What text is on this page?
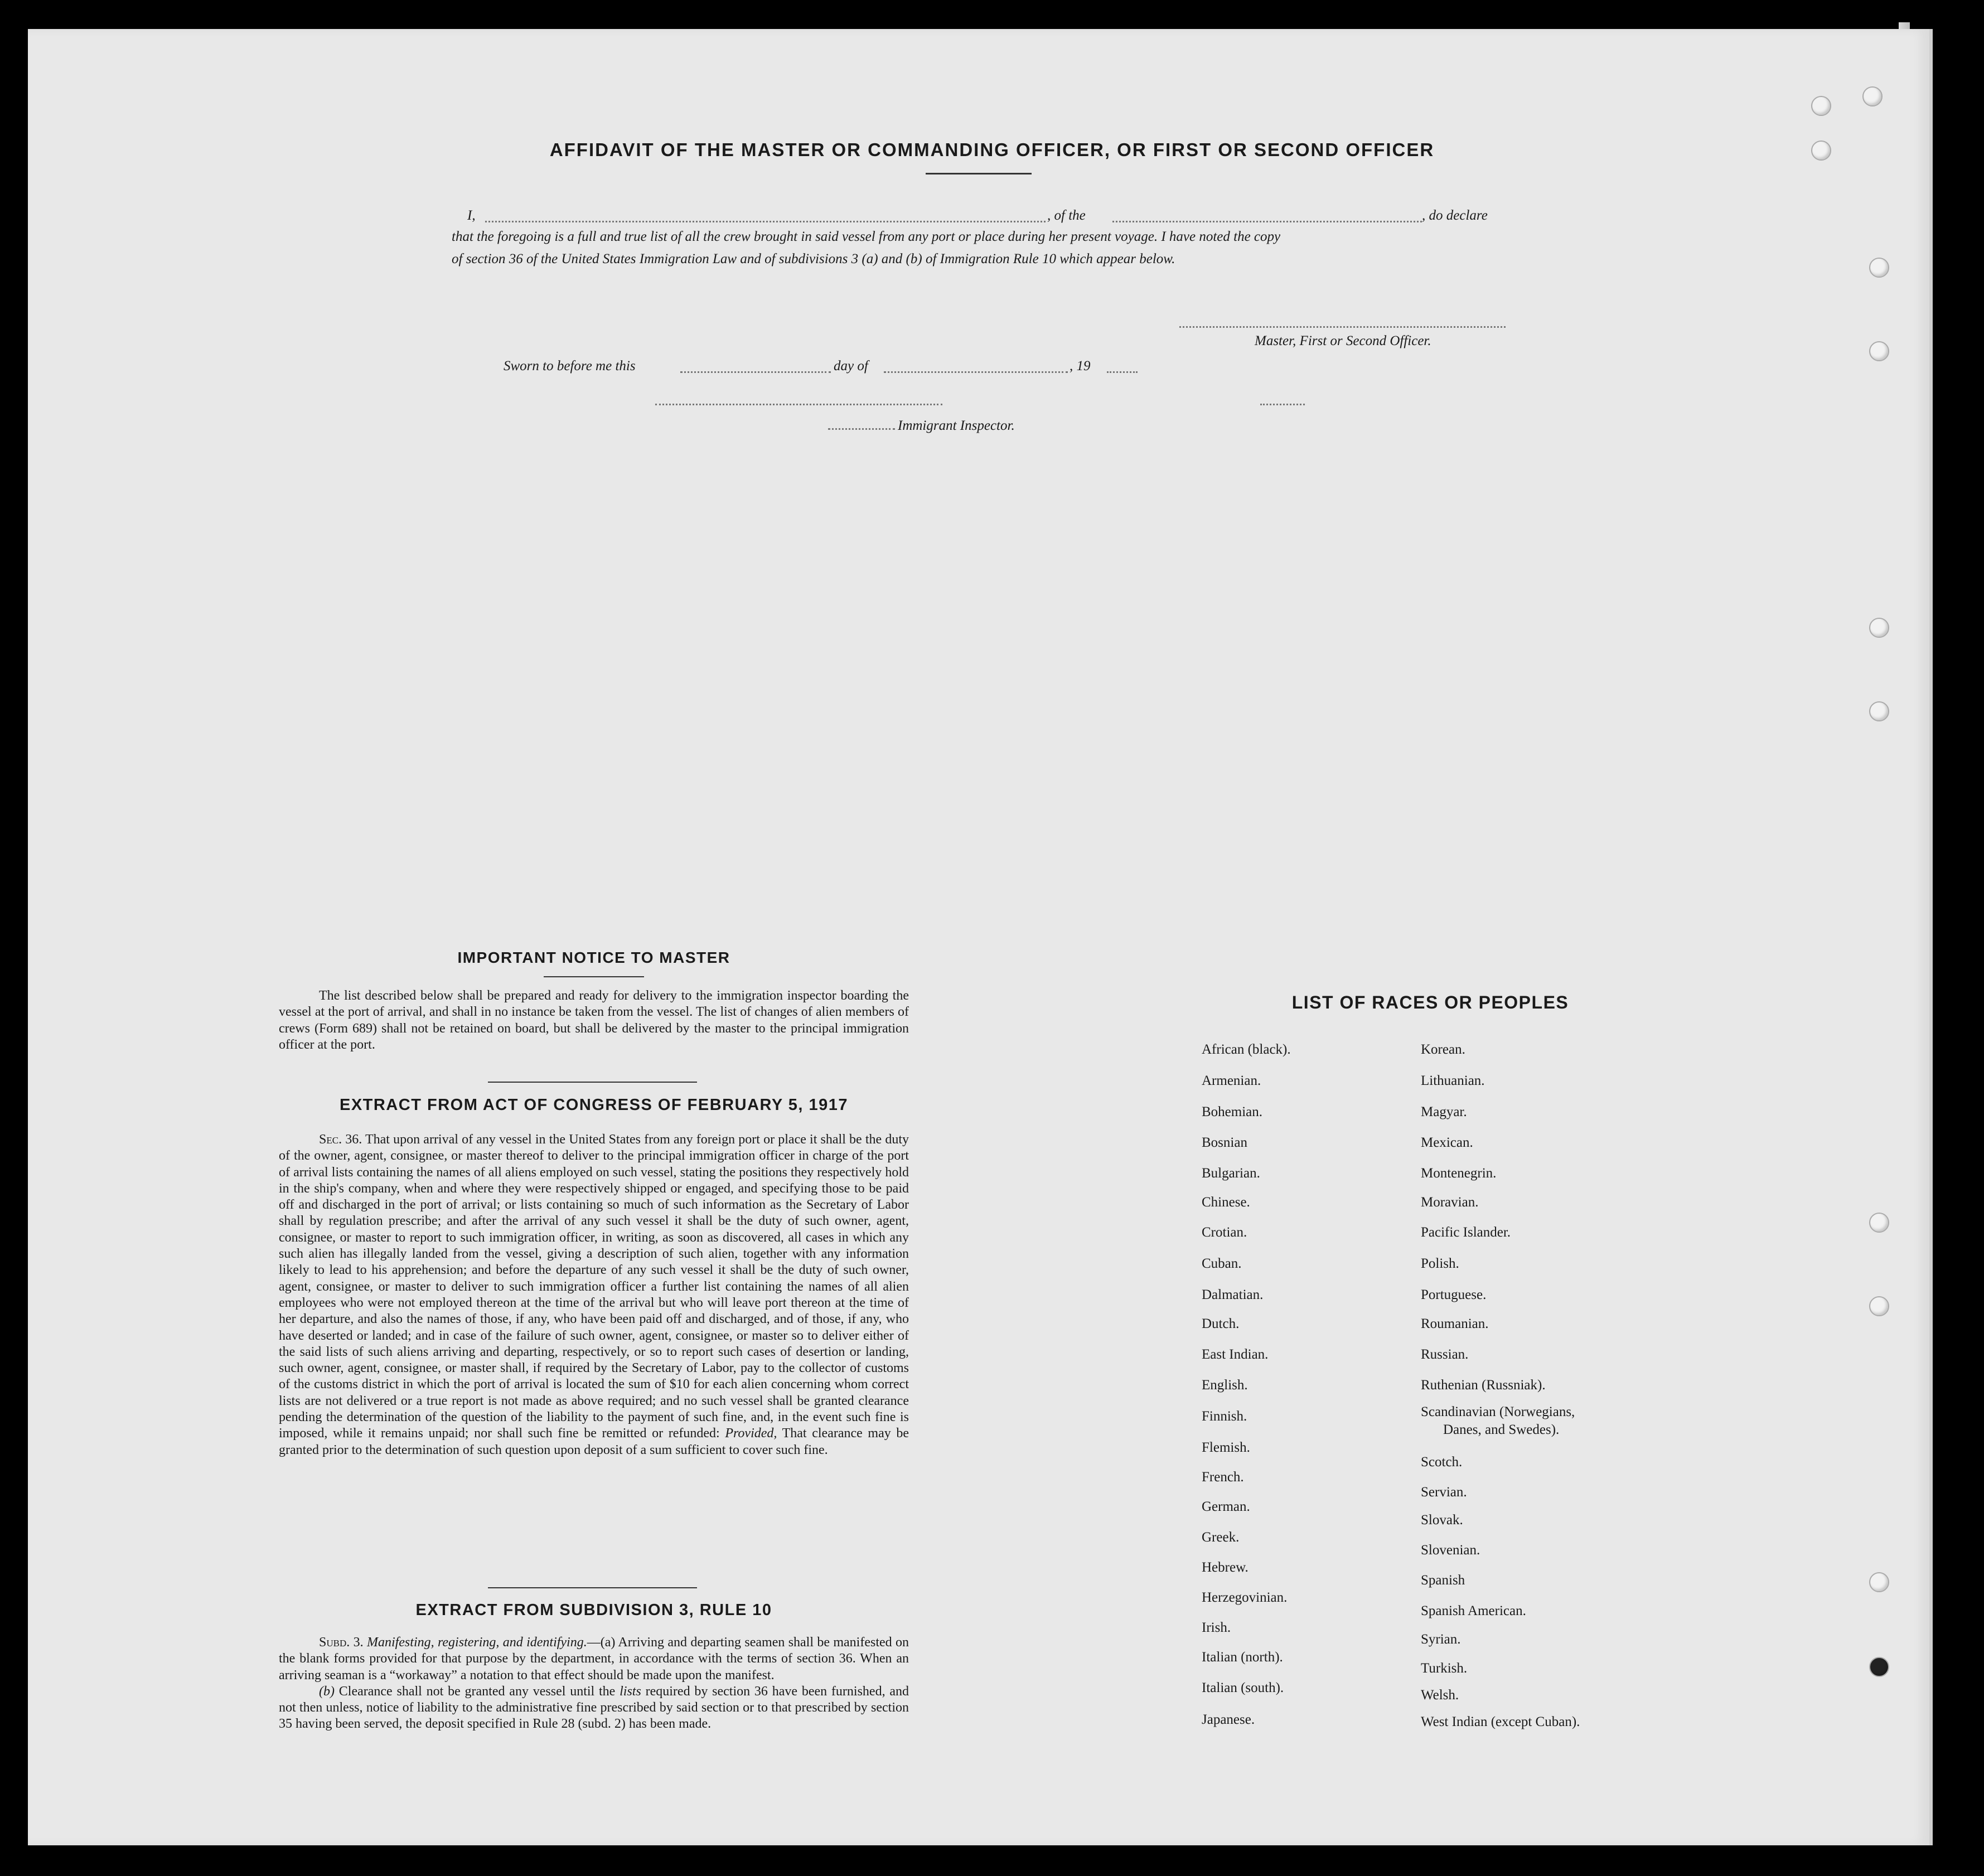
AFFIDAVIT OF THE MASTER OR COMMANDING OFFICER, OR FIRST OR SECOND OFFICER
I,	, of the	, do declare
that the foregoing is a full and true list of all the crew brought in said vessel from any port or place during her present voyage. I have noted the copy
of section 36 of the United States Immigration Law and of subdivisions 3 (a) and (b) of Immigration Rule 10 which appear below.
Master, First or Second Officer.
Sworn to before me this	day of	, 19
Immigrant Inspector.
IMPORTANT NOTICE TO MASTER

The list described below shall be prepared and ready for delivery to the immigration inspector boarding the vessel at the port of arrival, and shall in no instance be taken from the vessel. The list of changes of alien members of crews (Form 689) shall not be retained on board, but shall be delivered by the master to the principal immigration officer at the port.

EXTRACT FROM ACT OF CONGRESS OF FEBRUARY 5, 1917

Sec. 36. That upon arrival of any vessel in the United States from any foreign port or place it shall be the duty of the owner, agent, consignee, or master thereof to deliver to the principal immigration officer in charge of the port of arrival lists containing the names of all aliens employed on such vessel, stating the positions they respectively hold in the ship's company, when and where they were respectively shipped or engaged, and specifying those to be paid off and discharged in the port of arrival; or lists containing so much of such information as the Secretary of Labor shall by regulation prescribe; and after the arrival of any such vessel it shall be the duty of such owner, agent, consignee, or master to report to such immigration officer, in writing, as soon as discovered, all cases in which any such alien has illegally landed from the vessel, giving a description of such alien, together with any information likely to lead to his apprehension; and before the departure of any such vessel it shall be the duty of such owner, agent, consignee, or master to deliver to such immigration officer a further list containing the names of all alien employees who were not employed thereon at the time of the arrival but who will leave port thereon at the time of her departure, and also the names of those, if any, who have been paid off and discharged, and of those, if any, who have deserted or landed; and in case of the failure of such owner, agent, consignee, or master so to deliver either of the said lists of such aliens arriving and departing, respectively, or so to report such cases of desertion or landing, such owner, agent, consignee, or master shall, if required by the Secretary of Labor, pay to the collector of customs of the customs district in which the port of arrival is located the sum of $10 for each alien concerning whom correct lists are not delivered or a true report is not made as above required; and no such vessel shall be granted clearance pending the determination of the question of the liability to the payment of such fine, and, in the event such fine is imposed, while it remains unpaid; nor shall such fine be remitted or refunded: Provided, That clearance may be granted prior to the determination of such question upon deposit of a sum sufficient to cover such fine.

EXTRACT FROM SUBDIVISION 3, RULE 10

Subd. 3. Manifesting, registering, and identifying.—(a) Arriving and departing seamen shall be manifested on the blank forms provided for that purpose by the department, in accordance with the terms of section 36. When an arriving seaman is a “workaway” a notation to that effect should be made upon the manifest.

(b) Clearance shall not be granted any vessel until the lists required by section 36 have been furnished, and not then unless, notice of liability to the administrative fine prescribed by said section or to that prescribed by section 35 having been served, the deposit specified in Rule 28 (subd. 2) has been made.

LIST OF RACES OR PEOPLES
African (black).
Armenian.
Bohemian.
Bosnian
Bulgarian.
Chinese.
Crotian.
Cuban.
Dalmatian.
Dutch.
East Indian.
English.
Finnish.
Flemish.
French.
German.
Greek.
Hebrew.
Herzegovinian.
Irish.
Italian (north).
Italian (south).
Japanese.
Korean.
Lithuanian.
Magyar.
Mexican.
Montenegrin.
Moravian.
Pacific Islander.
Polish.
Portuguese.
Roumanian.
Russian.
Ruthenian (Russniak).
Scandinavian (Norwegians,
Danes, and Swedes).
Scotch.
Servian.
Slovak.
Slovenian.
Spanish
Spanish American.
Syrian.
Turkish.
Welsh.
West Indian (except Cuban).
